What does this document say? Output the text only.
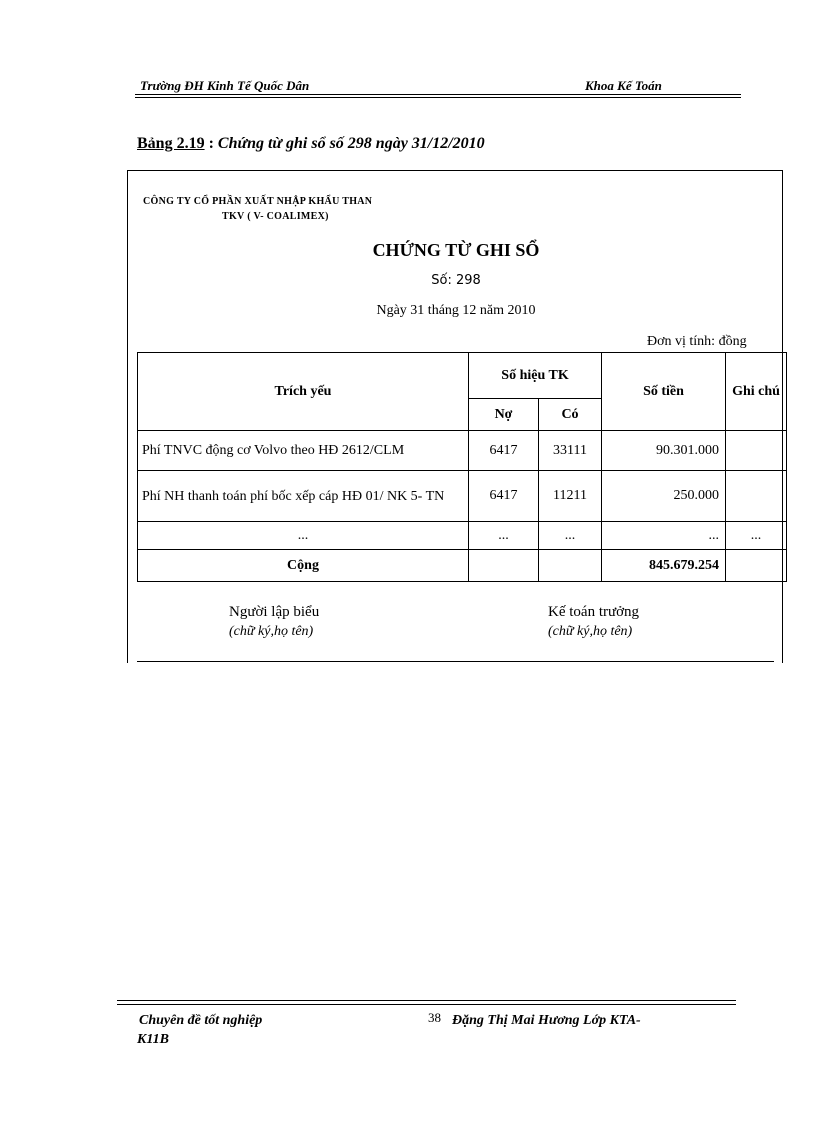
Trường ĐH Kinh Tế Quốc Dân	Khoa Kế Toán
Bảng 2.19 : Chứng từ ghi sổ số 298 ngày 31/12/2010
CÔNG TY CỔ PHẦN XUẤT NHẬP KHẨU THAN
TKV ( V- COALIMEX)
CHỨNG TỪ GHI SỔ
Số: 298
Ngày 31 tháng 12 năm 2010
Đơn vị tính: đồng
Trích yếu	Số hiệu TK		Số tiền	Ghi chú
	Nợ	Có		
Phí TNVC động cơ Volvo theo HĐ 2612/CLM	6417	33111	90.301.000	
Phí NH thanh toán phí bốc xếp cáp HĐ 01/ NK 5- TN	6417	11211	250.000	
...	...	...	...	...
Cộng			845.679.254	
Người lập biểu
(chữ ký,họ tên)
Kế toán trưởng
(chữ ký,họ tên)
Chuyên đề tốt nghiệp	38 Đặng Thị Mai Hương Lớp KTA-
K11B
